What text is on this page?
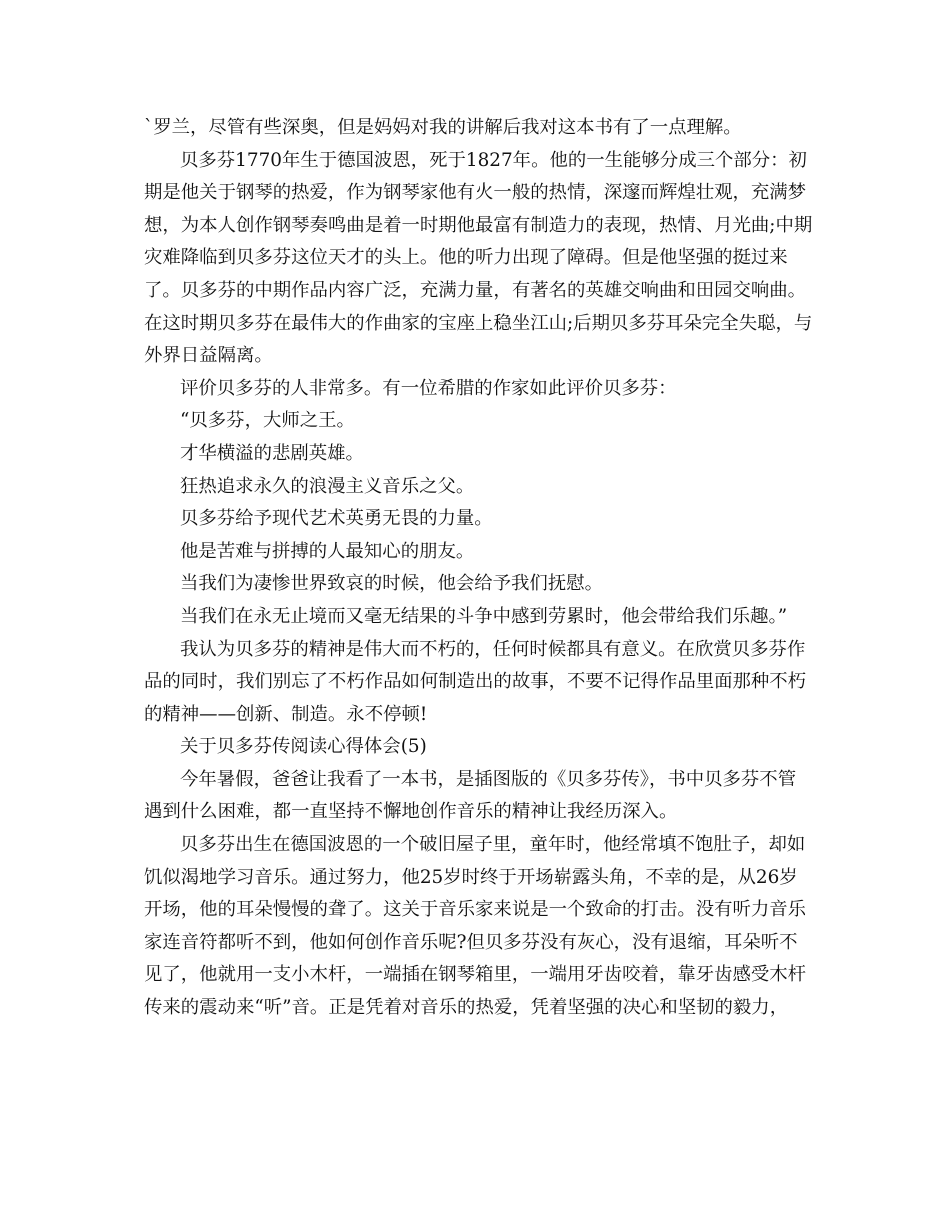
`罗兰，尽管有些深奥，但是妈妈对我的讲解后我对这本书有了一点理解。

贝多芬1770年生于德国波恩，死于1827年。他的一生能够分成三个部分：初期是他关于钢琴的热爱，作为钢琴家他有火一般的热情，深邃而辉煌壮观，充满梦想，为本人创作钢琴奏鸣曲是着一时期他最富有制造力的表现，热情、月光曲;中期灾难降临到贝多芬这位天才的头上。他的听力出现了障碍。但是他坚强的挺过来了。贝多芬的中期作品内容广泛，充满力量，有著名的英雄交响曲和田园交响曲。在这时期贝多芬在最伟大的作曲家的宝座上稳坐江山;后期贝多芬耳朵完全失聪，与外界日益隔离。

评价贝多芬的人非常多。有一位希腊的作家如此评价贝多芬：

“贝多芬，大师之王。

才华横溢的悲剧英雄。

狂热追求永久的浪漫主义音乐之父。

贝多芬给予现代艺术英勇无畏的力量。

他是苦难与拼搏的人最知心的朋友。

当我们为凄惨世界致哀的时候，他会给予我们抚慰。

当我们在永无止境而又毫无结果的斗争中感到劳累时，他会带给我们乐趣。”

我认为贝多芬的精神是伟大而不朽的，任何时候都具有意义。在欣赏贝多芬作品的同时，我们别忘了不朽作品如何制造出的故事，不要不记得作品里面那种不朽的精神——创新、制造。永不停顿!

关于贝多芬传阅读心得体会(5)

今年暑假，爸爸让我看了一本书，是插图版的《贝多芬传》，书中贝多芬不管遇到什么困难，都一直坚持不懈地创作音乐的精神让我经历深入。

贝多芬出生在德国波恩的一个破旧屋子里，童年时，他经常填不饱肚子，却如饥似渴地学习音乐。通过努力，他25岁时终于开场崭露头角，不幸的是，从26岁开场，他的耳朵慢慢的聋了。这关于音乐家来说是一个致命的打击。没有听力音乐家连音符都听不到，他如何创作音乐呢?但贝多芬没有灰心，没有退缩，耳朵听不见了，他就用一支小木杆，一端插在钢琴箱里，一端用牙齿咬着，靠牙齿感受木杆传来的震动来“听”音。正是凭着对音乐的热爱，凭着坚强的决心和坚韧的毅力，
